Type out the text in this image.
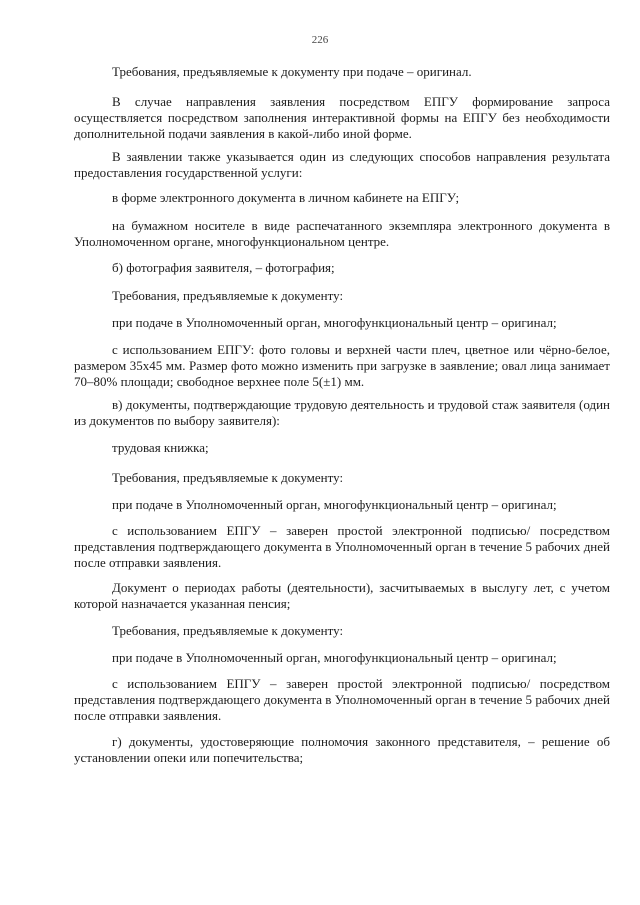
226

Требования, предъявляемые к документу при подаче – оригинал.

В случае направления заявления посредством ЕПГУ формирование запроса осуществляется посредством заполнения интерактивной формы на ЕПГУ без необходимости дополнительной подачи заявления в какой-либо иной форме.

В заявлении также указывается один из следующих способов направления результата предоставления государственной услуги:

в форме электронного документа в личном кабинете на ЕПГУ;

на бумажном носителе в виде распечатанного экземпляра электронного документа в Уполномоченном органе, многофункциональном центре.

б) фотография заявителя, – фотография;

Требования, предъявляемые к документу:

при подаче в Уполномоченный орган, многофункциональный центр – оригинал;

с использованием ЕПГУ: фото головы и верхней части плеч, цветное или чёрно-белое, размером 35x45 мм. Размер фото можно изменить при загрузке в заявление; овал лица занимает 70–80% площади; свободное верхнее поле 5(±1) мм.

в) документы, подтверждающие трудовую деятельность и трудовой стаж заявителя (один из документов по выбору заявителя):

трудовая книжка;

Требования, предъявляемые к документу:

при подаче в Уполномоченный орган, многофункциональный центр – оригинал;

с использованием ЕПГУ – заверен простой электронной подписью/ посредством представления подтверждающего документа в Уполномоченный орган в течение 5 рабочих дней после отправки заявления.

Документ о периодах работы (деятельности), засчитываемых в выслугу лет, с учетом которой назначается указанная пенсия;

Требования, предъявляемые к документу:

при подаче в Уполномоченный орган, многофункциональный центр – оригинал;

с использованием ЕПГУ – заверен простой электронной подписью/ посредством представления подтверждающего документа в Уполномоченный орган в течение 5 рабочих дней после отправки заявления.

г) документы, удостоверяющие полномочия законного представителя, – решение об установлении опеки или попечительства;
